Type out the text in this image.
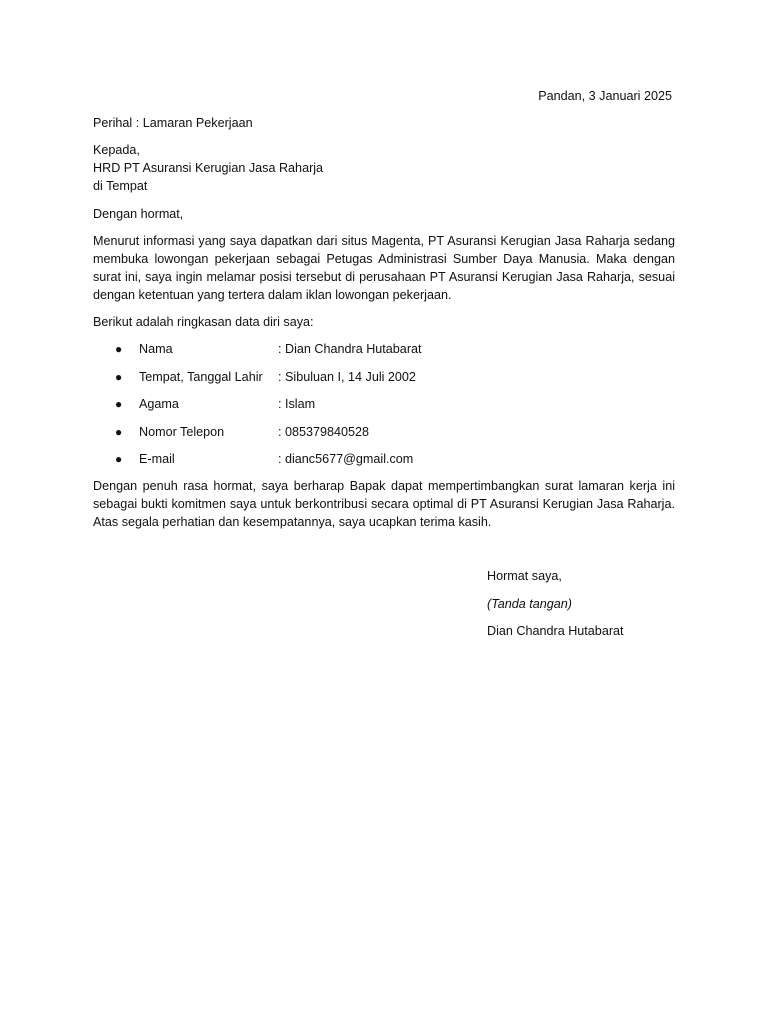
Pandan, 3 Januari 2025
Perihal : Lamaran Pekerjaan
Kepada,
HRD PT Asuransi Kerugian Jasa Raharja
di Tempat
Dengan hormat,
Menurut informasi yang saya dapatkan dari situs Magenta, PT Asuransi Kerugian Jasa Raharja sedang membuka lowongan pekerjaan sebagai Petugas Administrasi Sumber Daya Manusia. Maka dengan surat ini, saya ingin melamar posisi tersebut di perusahaan PT Asuransi Kerugian Jasa Raharja, sesuai dengan ketentuan yang tertera dalam iklan lowongan pekerjaan.
Berikut adalah ringkasan data diri saya:
● Nama	: Dian Chandra Hutabarat
● Tempat, Tanggal Lahir : Sibuluan I, 14 Juli 2002
● Agama	: Islam
● Nomor Telepon	: 085379840528
● E-mail	: dianc5677@gmail.com
Dengan penuh rasa hormat, saya berharap Bapak dapat mempertimbangkan surat lamaran kerja ini sebagai bukti komitmen saya untuk berkontribusi secara optimal di PT Asuransi Kerugian Jasa Raharja. Atas segala perhatian dan kesempatannya, saya ucapkan terima kasih.
Hormat saya,
(Tanda tangan)
Dian Chandra Hutabarat
